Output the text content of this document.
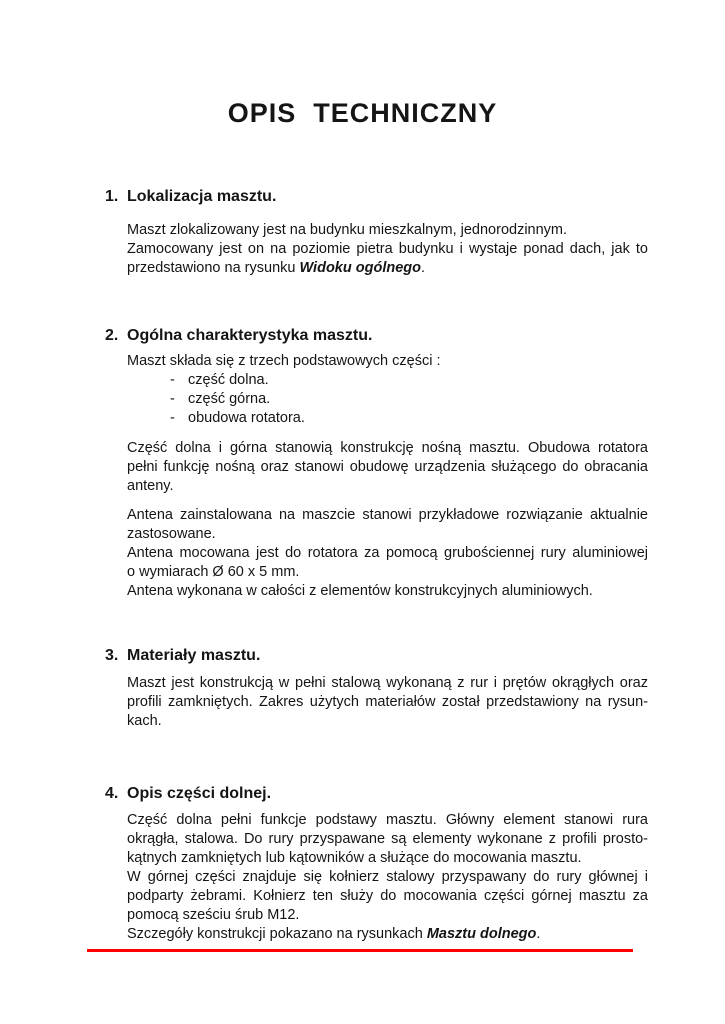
OPIS  TECHNICZNY
1. Lokalizacja masztu.
Maszt zlokalizowany jest na budynku mieszkalnym, jednorodzinnym.
Zamocowany jest on na poziomie pietra budynku i wystaje ponad dach, jak to
przedstawiono na rysunku Widoku ogólnego.
2. Ogólna charakterystyka masztu.
Maszt składa się z trzech podstawowych części :
- część dolna.
- część górna.
- obudowa rotatora.
Część dolna i górna stanowią konstrukcję nośną masztu. Obudowa rotatora
pełni funkcję nośną oraz stanowi obudowę urządzenia służącego do obracania
anteny.
Antena zainstalowana na maszcie stanowi przykładowe rozwiązanie aktualnie
zastosowane.
Antena mocowana jest do rotatora za pomocą grubościennej rury aluminiowej
o wymiarach Ø 60 x 5 mm.
Antena wykonana w całości z elementów konstrukcyjnych aluminiowych.
3. Materiały masztu.
Maszt jest konstrukcją w pełni stalową wykonaną z rur i prętów okrągłych oraz
profili zamkniętych. Zakres użytych materiałów został przedstawiony na rysun-
kach.
4. Opis części dolnej.
Część dolna pełni funkcje podstawy masztu. Główny element stanowi rura
okrągła, stalowa. Do rury przyspawane są elementy wykonane z profili prosto-
kątnych zamkniętych lub kątowników a służące do mocowania masztu.
W górnej części znajduje się kołnierz stalowy przyspawany do rury głównej i
podparty żebrami. Kołnierz ten służy do mocowania części górnej masztu za
pomocą sześciu śrub M12.
Szczegóły konstrukcji pokazano na rysunkach Masztu dolnego.
